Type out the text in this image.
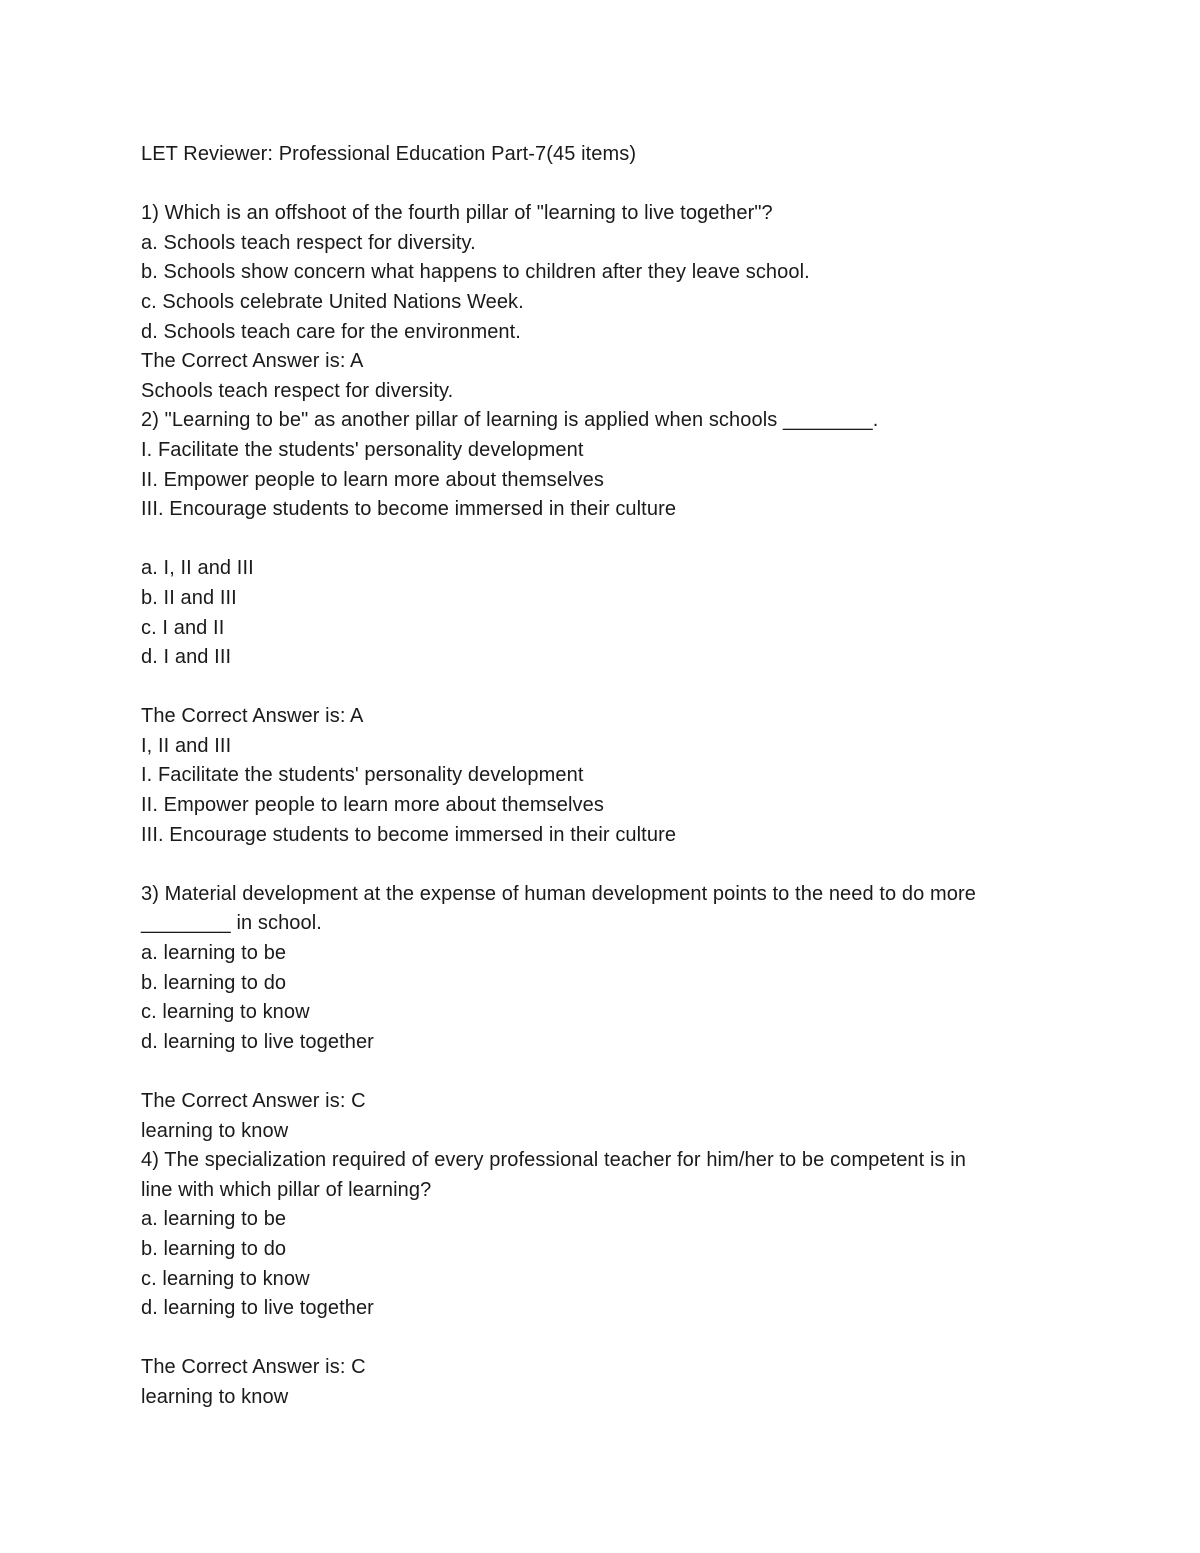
LET Reviewer: Professional Education Part-7(45 items)
1) Which is an offshoot of the fourth pillar of "learning to live together"?
a. Schools teach respect for diversity.
b. Schools show concern what happens to children after they leave school.
c. Schools celebrate United Nations Week.
d. Schools teach care for the environment.
The Correct Answer is: A
Schools teach respect for diversity.
2) "Learning to be" as another pillar of learning is applied when schools ________.
I. Facilitate the students' personality development
II. Empower people to learn more about themselves
III. Encourage students to become immersed in their culture
a. I, II and III
b. II and III
c. I and II
d. I and III
The Correct Answer is: A
I, II and III
I. Facilitate the students' personality development
II. Empower people to learn more about themselves
III. Encourage students to become immersed in their culture
3) Material development at the expense of human development points to the need to do more
________ in school.
a. learning to be
b. learning to do
c. learning to know
d. learning to live together
The Correct Answer is: C
learning to know
4) The specialization required of every professional teacher for him/her to be competent is in
line with which pillar of learning?
a. learning to be
b. learning to do
c. learning to know
d. learning to live together
The Correct Answer is: C
learning to know
